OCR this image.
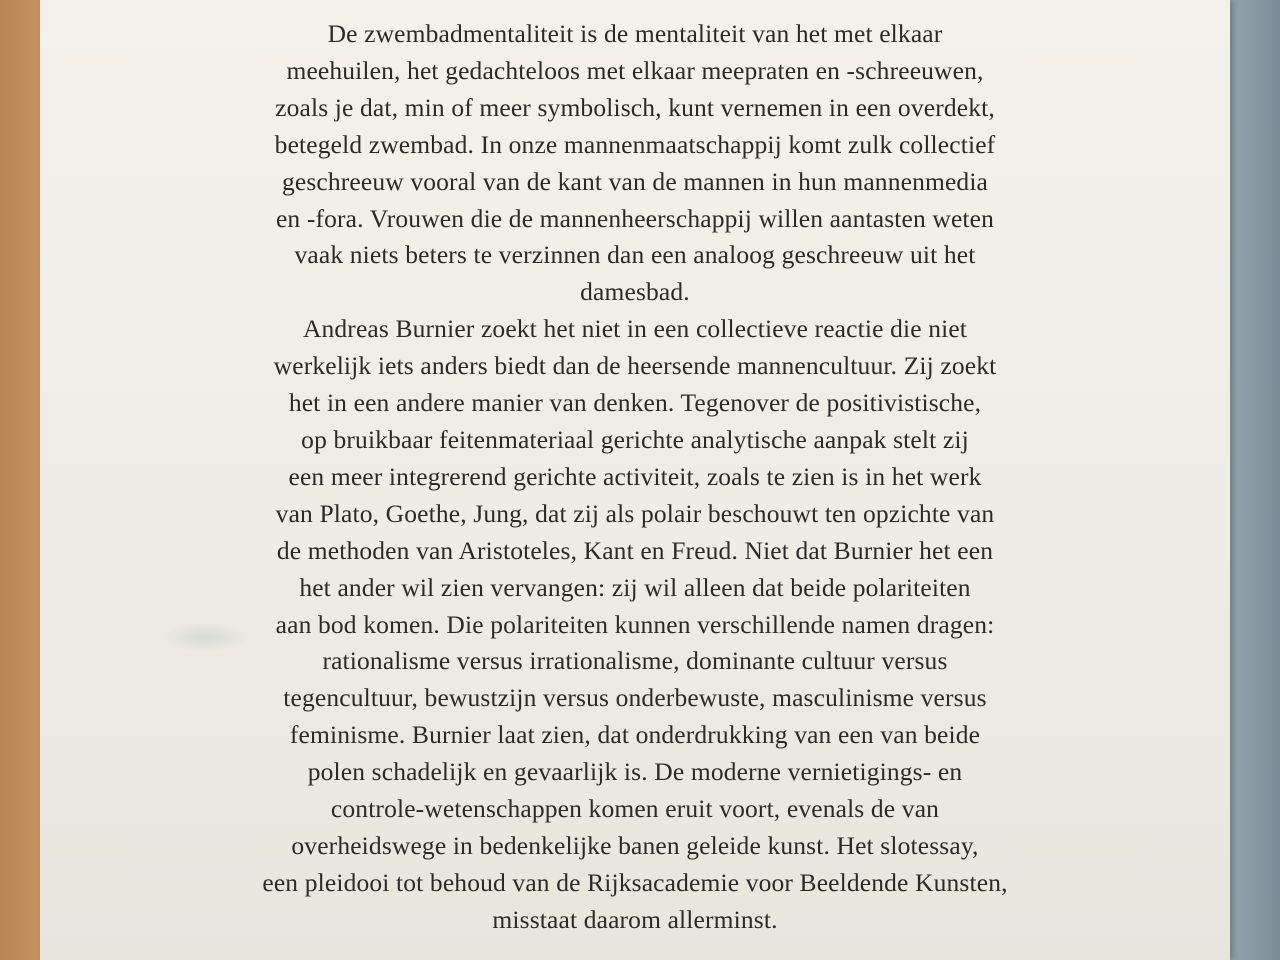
De zwembadmentaliteit is de mentaliteit van het met elkaar
meehuilen, het gedachteloos met elkaar meepraten en -schreeuwen,
zoals je dat, min of meer symbolisch, kunt vernemen in een overdekt,
betegeld zwembad. In onze mannenmaatschappij komt zulk collectief
geschreeuw vooral van de kant van de mannen in hun mannenmedia
en -fora. Vrouwen die de mannenheerschappij willen aantasten weten
vaak niets beters te verzinnen dan een analoog geschreeuw uit het
damesbad.
Andreas Burnier zoekt het niet in een collectieve reactie die niet
werkelijk iets anders biedt dan de heersende mannencultuur. Zij zoekt
het in een andere manier van denken. Tegenover de positivistische,
op bruikbaar feitenmateriaal gerichte analytische aanpak stelt zij
een meer integrerend gerichte activiteit, zoals te zien is in het werk
van Plato, Goethe, Jung, dat zij als polair beschouwt ten opzichte van
de methoden van Aristoteles, Kant en Freud. Niet dat Burnier het een
het ander wil zien vervangen: zij wil alleen dat beide polariteiten
aan bod komen. Die polariteiten kunnen verschillende namen dragen:
rationalisme versus irrationalisme, dominante cultuur versus
tegencultuur, bewustzijn versus onderbewuste, masculinisme versus
feminisme. Burnier laat zien, dat onderdrukking van een van beide
polen schadelijk en gevaarlijk is. De moderne vernietigings- en
controle-wetenschappen komen eruit voort, evenals de van
overheidswege in bedenkelijke banen geleide kunst. Het slotessay,
een pleidooi tot behoud van de Rijksacademie voor Beeldende Kunsten,
misstaat daarom allerminst.
